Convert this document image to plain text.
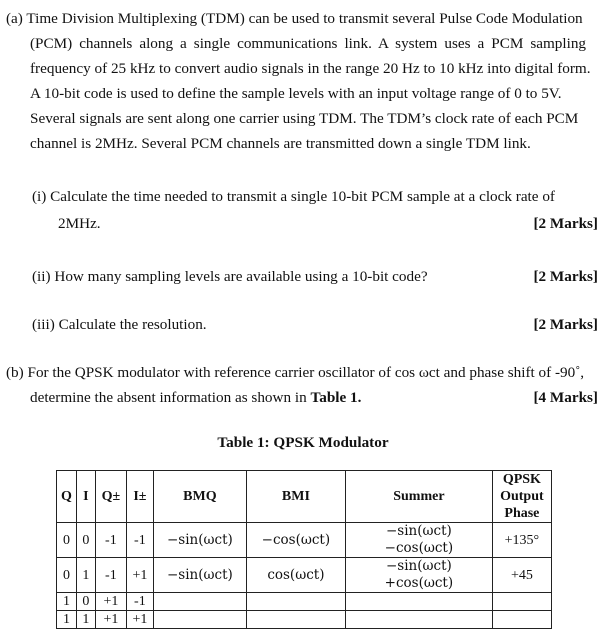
(a) Time Division Multiplexing (TDM) can be used to transmit several Pulse Code Modulation
(PCM) channels along a single communications link. A system uses a PCM sampling
frequency of 25 kHz to convert audio signals in the range 20 Hz to 10 kHz into digital form.
A 10-bit code is used to define the sample levels with an input voltage range of 0 to 5V.
Several signals are sent along one carrier using TDM. The TDM’s clock rate of each PCM
channel is 2MHz. Several PCM channels are transmitted down a single TDM link.
(i) Calculate the time needed to transmit a single 10-bit PCM sample at a clock rate of
2MHz.	[2 Marks]
(ii) How many sampling levels are available using a 10-bit code?	[2 Marks]
(iii) Calculate the resolution.	[2 Marks]
(b) For the QPSK modulator with reference carrier oscillator of cos ωct and phase shift of -90˚,
determine the absent information as shown in Table 1.	[4 Marks]
Table 1: QPSK Modulator
Q	I	Q±	I±	BMQ	BMI	Summer	QPSK Output Phase
0	0	-1	-1	−sin(ωct)	−cos(ωct)	−sin(ωct) −cos(ωct)	+135°
0	1	-1	+1	−sin(ωct)	cos(ωct)	−sin(ωct) +cos(ωct)	+45
1	0	+1	-1				
1	1	+1	+1				
